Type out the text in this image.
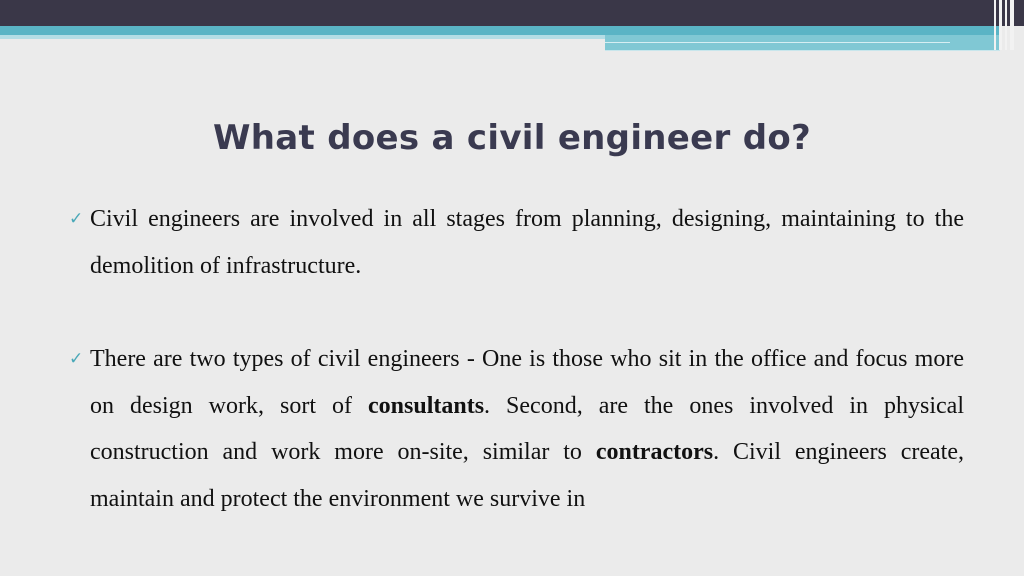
What does a civil engineer do?
✓ Civil engineers are involved in all stages from planning, designing, maintaining to the demolition of infrastructure.
✓ There are two types of civil engineers - One is those who sit in the office and focus more on design work, sort of consultants. Second, are the ones involved in physical construction and work more on-site, similar to contractors. Civil engineers create, maintain and protect the environment we survive in
